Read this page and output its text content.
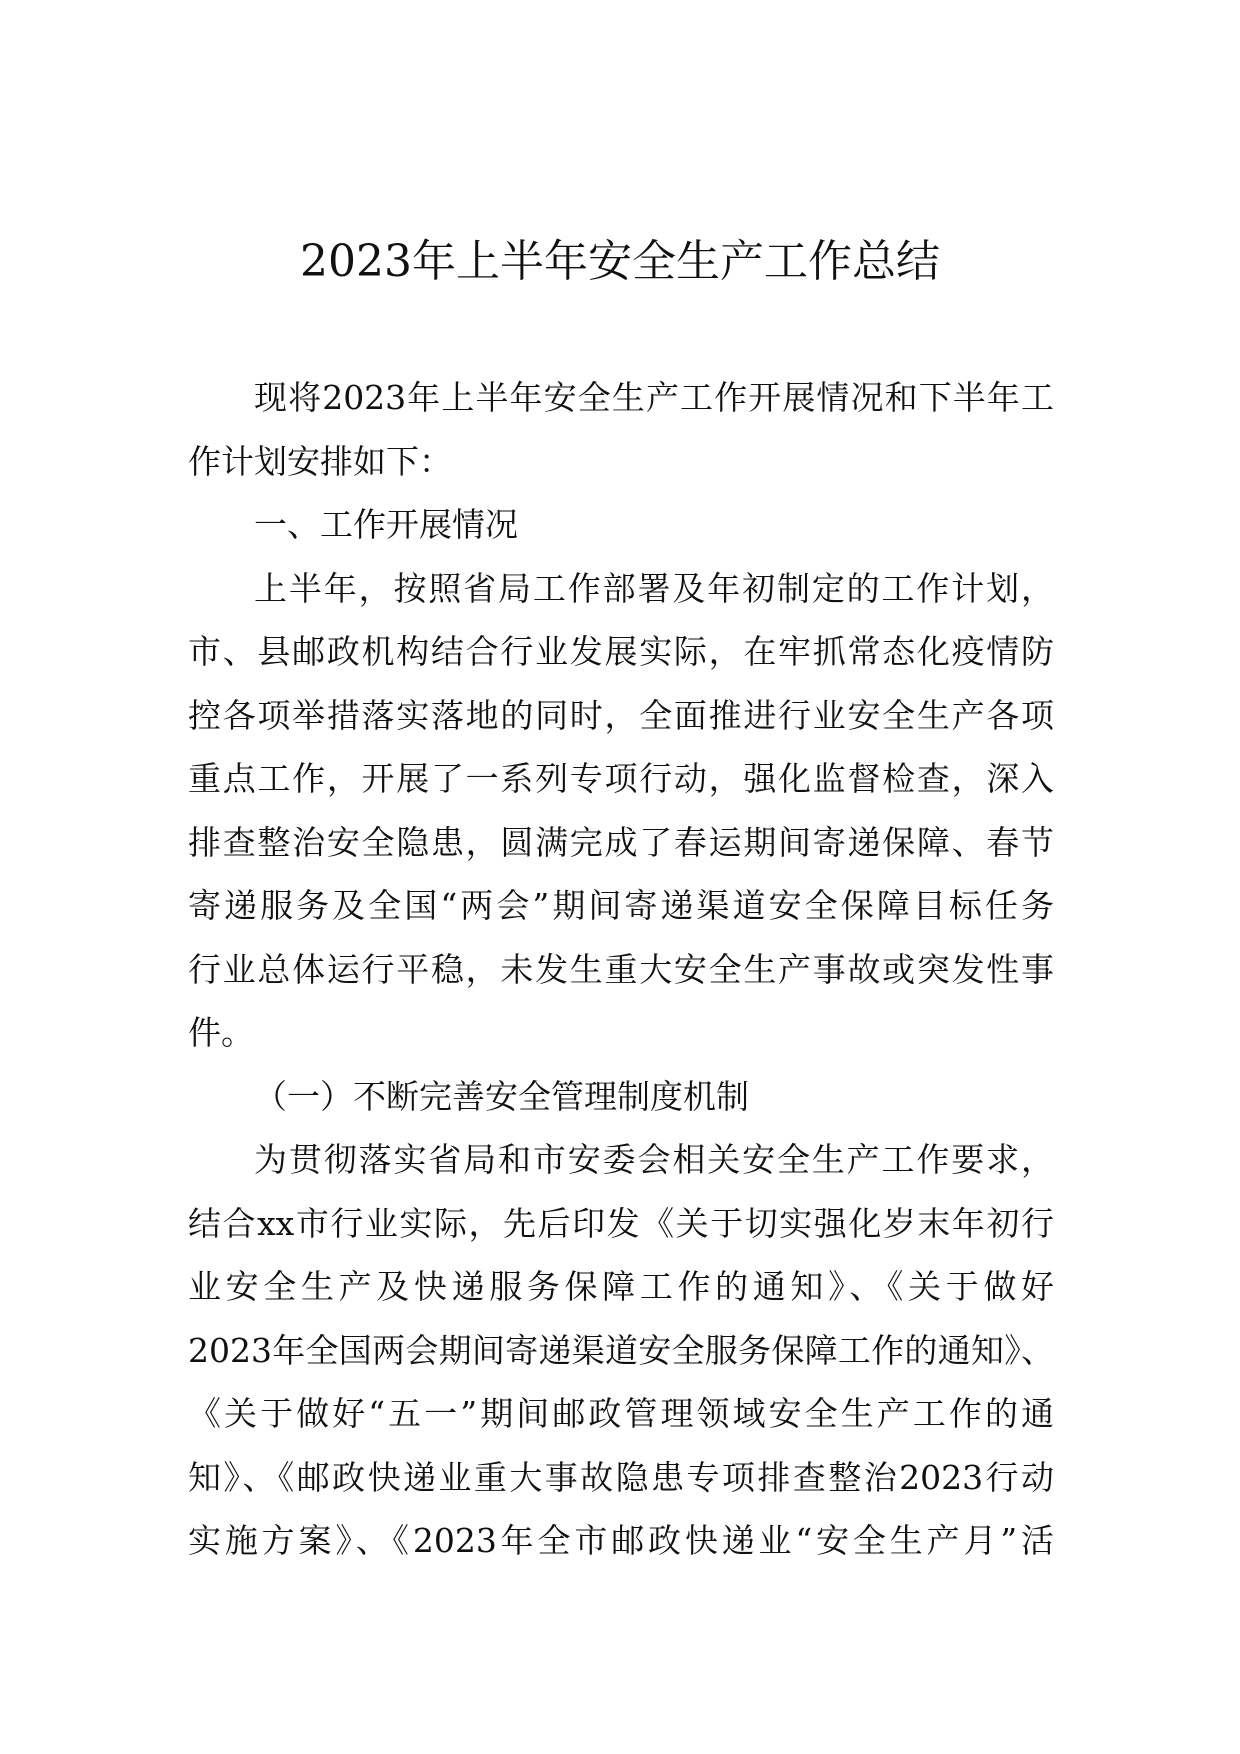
2023年上半年安全生产工作总结
现将2023年上半年安全生产工作开展情况和下半年工
作计划安排如下：
一、工作开展情况
上半年，按照省局工作部署及年初制定的工作计划，
市、县邮政机构结合行业发展实际，在牢抓常态化疫情防
控各项举措落实落地的同时，全面推进行业安全生产各项
重点工作，开展了一系列专项行动，强化监督检查，深入
排查整治安全隐患，圆满完成了春运期间寄递保障、春节
寄递服务及全国“两会”期间寄递渠道安全保障目标任务
行业总体运行平稳，未发生重大安全生产事故或突发性事
件。
（一）不断完善安全管理制度机制
为贯彻落实省局和市安委会相关安全生产工作要求，
结合xx市行业实际，先后印发《关于切实强化岁末年初行
业安全生产及快递服务保障工作的通知》、《关于做好
2023年全国两会期间寄递渠道安全服务保障工作的通知》、
《关于做好“五一”期间邮政管理领域安全生产工作的通
知》、《邮政快递业重大事故隐患专项排查整治2023行动
实施方案》、《2023年全市邮政快递业“安全生产月”活
